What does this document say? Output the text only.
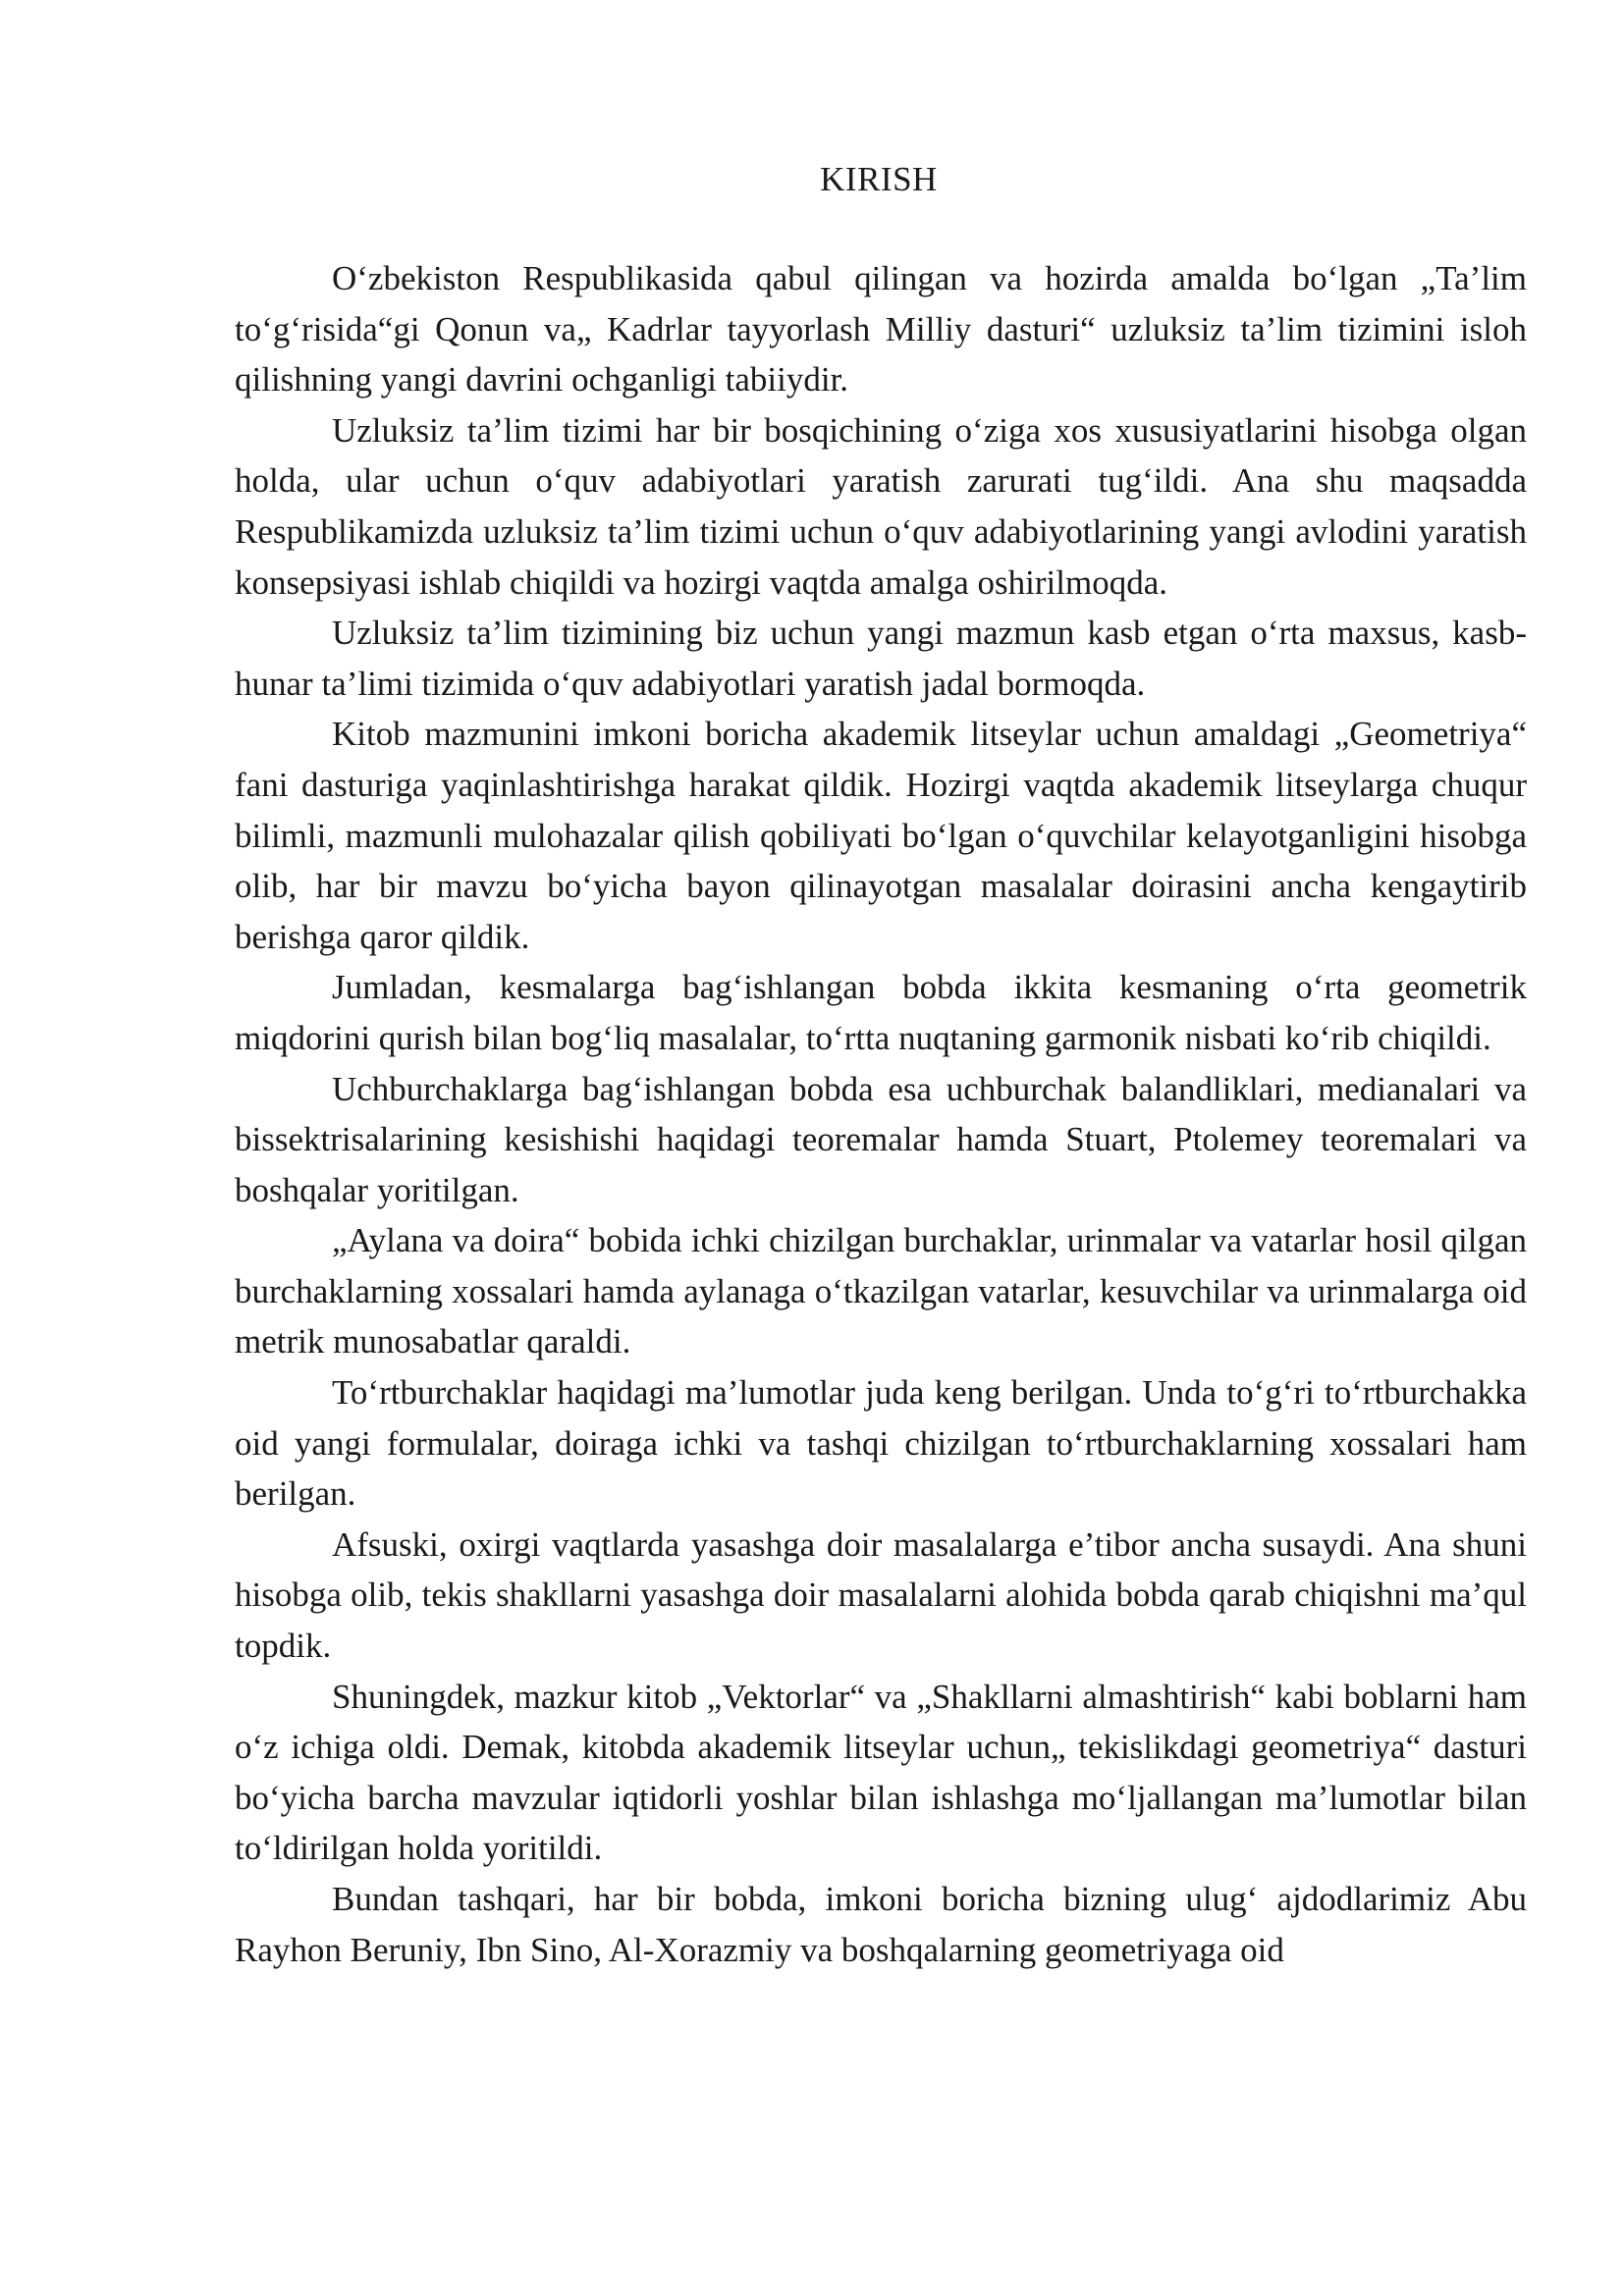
KIRISH

O‘zbekiston Respublikasida qabul qilingan va hozirda amalda bo‘lgan „Ta’lim to‘g‘risida“gi Qonun va„ Kadrlar tayyorlash Milliy dasturi“ uzluksiz ta’lim tizimini isloh qilishning yangi davrini ochganligi tabiiydir.

Uzluksiz ta’lim tizimi har bir bosqichining o‘ziga xos xususiyatlarini hisobga olgan holda, ular uchun o‘quv adabiyotlari yaratish zarurati tug‘ildi. Ana shu maqsadda Respublikamizda uzluksiz ta’lim tizimi uchun o‘quv adabiyotlarining yangi avlodini yaratish konsepsiyasi ishlab chiqildi va hozirgi vaqtda amalga oshirilmoqda.

Uzluksiz ta’lim tizimining biz uchun yangi mazmun kasb etgan o‘rta maxsus, kasb-hunar ta’limi tizimida o‘quv adabiyotlari yaratish jadal bormoqda.

Kitob mazmunini imkoni boricha akademik litseylar uchun amaldagi „Geometriya“ fani dasturiga yaqinlashtirishga harakat qildik. Hozirgi vaqtda akademik litseylarga chuqur bilimli, mazmunli mulohazalar qilish qobiliyati bo‘lgan o‘quvchilar kelayotganligini hisobga olib, har bir mavzu bo‘yicha bayon qilinayotgan masalalar doirasini ancha kengaytirib berishga qaror qildik.

Jumladan, kesmalarga bag‘ishlangan bobda ikkita kesmaning o‘rta geometrik miqdorini qurish bilan bog‘liq masalalar, to‘rtta nuqtaning garmonik nisbati ko‘rib chiqildi.

Uchburchaklarga bag‘ishlangan bobda esa uchburchak balandliklari, medianalari va bissektrisalarining kesishishi haqidagi teoremalar hamda Stuart, Ptolemey teoremalari va boshqalar yoritilgan.

„Aylana va doira“ bobida ichki chizilgan burchaklar, urinmalar va vatarlar hosil qilgan burchaklarning xossalari hamda aylanaga o‘tkazilgan vatarlar, kesuvchilar va urinmalarga oid metrik munosabatlar qaraldi.

To‘rtburchaklar haqidagi ma’lumotlar juda keng berilgan. Unda to‘g‘ri to‘rtburchakka oid yangi formulalar, doiraga ichki va tashqi chizilgan to‘rtburchaklarning xossalari ham berilgan.

Afsuski, oxirgi vaqtlarda yasashga doir masalalarga e’tibor ancha susaydi. Ana shuni hisobga olib, tekis shakllarni yasashga doir masalalarni alohida bobda qarab chiqishni ma’qul topdik.

Shuningdek, mazkur kitob „Vektorlar“ va „Shakllarni almashtirish“ kabi boblarni ham o‘z ichiga oldi. Demak, kitobda akademik litseylar uchun„ tekislikdagi geometriya“ dasturi bo‘yicha barcha mavzular iqtidorli yoshlar bilan ishlashga mo‘ljallangan ma’lumotlar bilan to‘ldirilgan holda yoritildi.

Bundan tashqari, har bir bobda, imkoni boricha bizning ulug‘ ajdodlarimiz Abu Rayhon Beruniy, Ibn Sino, Al-Xorazmiy va boshqalarning geometriyaga oid
